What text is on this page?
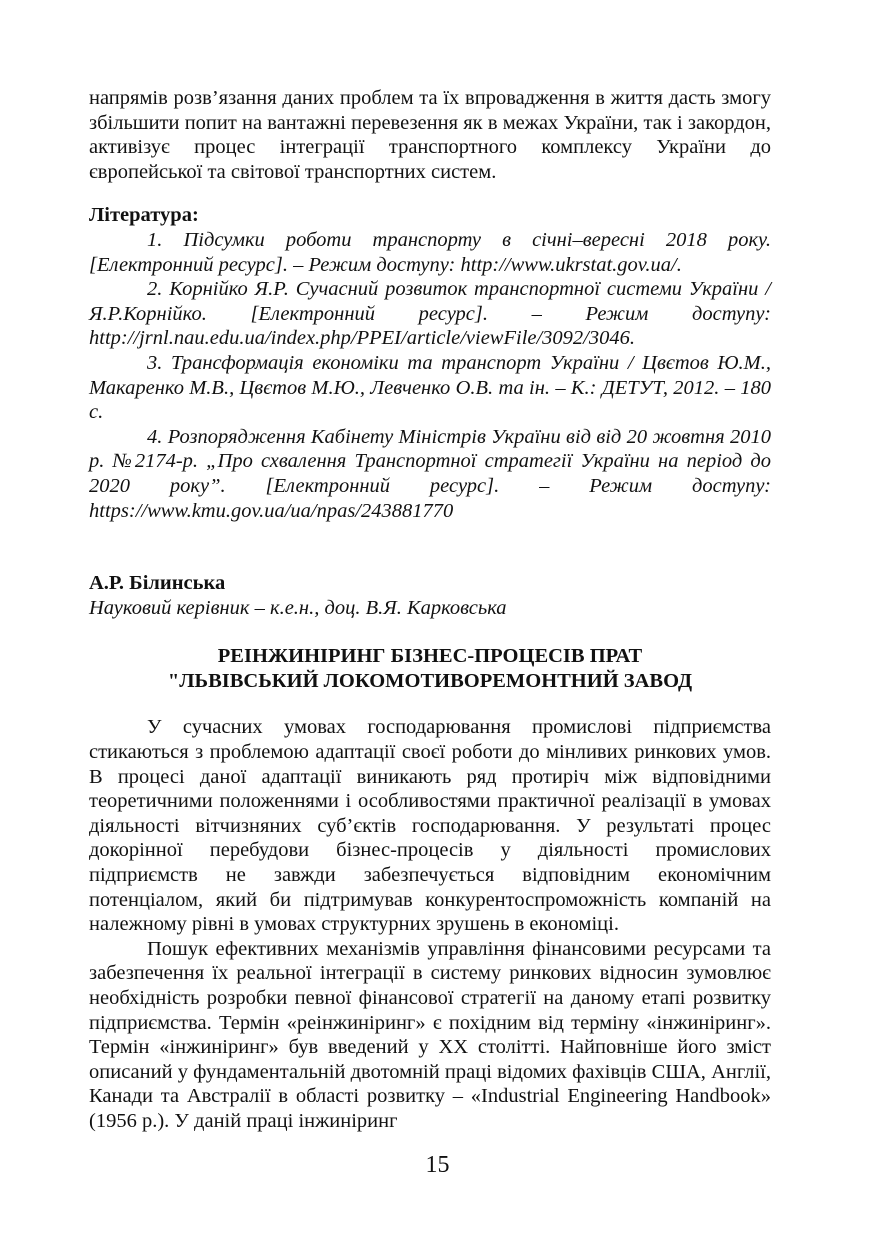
напрямів розв’язання даних проблем та їх впровадження в життя дасть змогу збільшити попит на вантажні перевезення як в межах України, так і закордон, активізує процес інтеграції транспортного комплексу України до європейської та світової транспортних систем.

Література:

1. Підсумки роботи транспорту в січні–вересні 2018 року. [Електронний ресурс]. – Режим доступу: http://www.ukrstat.gov.ua/.

2. Корнійко Я.Р. Сучасний розвиток транспортної системи України / Я.Р.Корнійко. [Електронний ресурс]. – Режим доступу: http://jrnl.nau.edu.ua/index.php/PPEI/article/viewFile/3092/3046.

3. Трансформація економіки та транспорт України / Цвєтов Ю.М., Макаренко М.В., Цвєтов М.Ю., Левченко О.В. та ін. – К.: ДЕТУТ, 2012. – 180 с.

4. Розпорядження Кабінету Міністрів України від від 20 жовтня 2010 р. №2174-р. „Про схвалення Транспортної стратегії України на період до 2020 року”. [Електронний ресурс]. – Режим доступу: https://www.kmu.gov.ua/ua/npas/243881770

А.Р. Білинська

Науковий керівник – к.е.н., доц. В.Я. Карковська

РЕІНЖИНІРИНГ БІЗНЕС-ПРОЦЕСІВ ПРАТ
"ЛЬВІВСЬКИЙ ЛОКОМОТИВОРЕМОНТНИЙ ЗАВОД

У сучасних умовах господарювання промислові підприємства стикаються з проблемою адаптації своєї роботи до мінливих ринкових умов. В процесі даної адаптації виникають ряд протиріч між відповідними теоретичними положеннями і особливостями практичної реалізації в умовах діяльності вітчизняних суб’єктів господарювання. У результаті процес докорінної перебудови бізнес-процесів у діяльності промислових підприємств не завжди забезпечується відповідним економічним потенціалом, який би підтримував конкурентоспроможність компаній на належному рівні в умовах структурних зрушень в економіці.

Пошук ефективних механізмів управління фінансовими ресурсами та забезпечення їх реальної інтеграції в систему ринкових відносин зумовлює необхідність розробки певної фінансової стратегії на даному етапі розвитку підприємства. Термін «реінжиніринг» є похідним від терміну «інжиніринг». Термін «інжиніринг» був введений у ХХ столітті. Найповніше його зміст описаний у фундаментальній двотомній праці відомих фахівців США, Англії, Канади та Австралії в області розвитку – «Industrial Engineering Handbook» (1956 р.). У даній праці інжиніринг

15
